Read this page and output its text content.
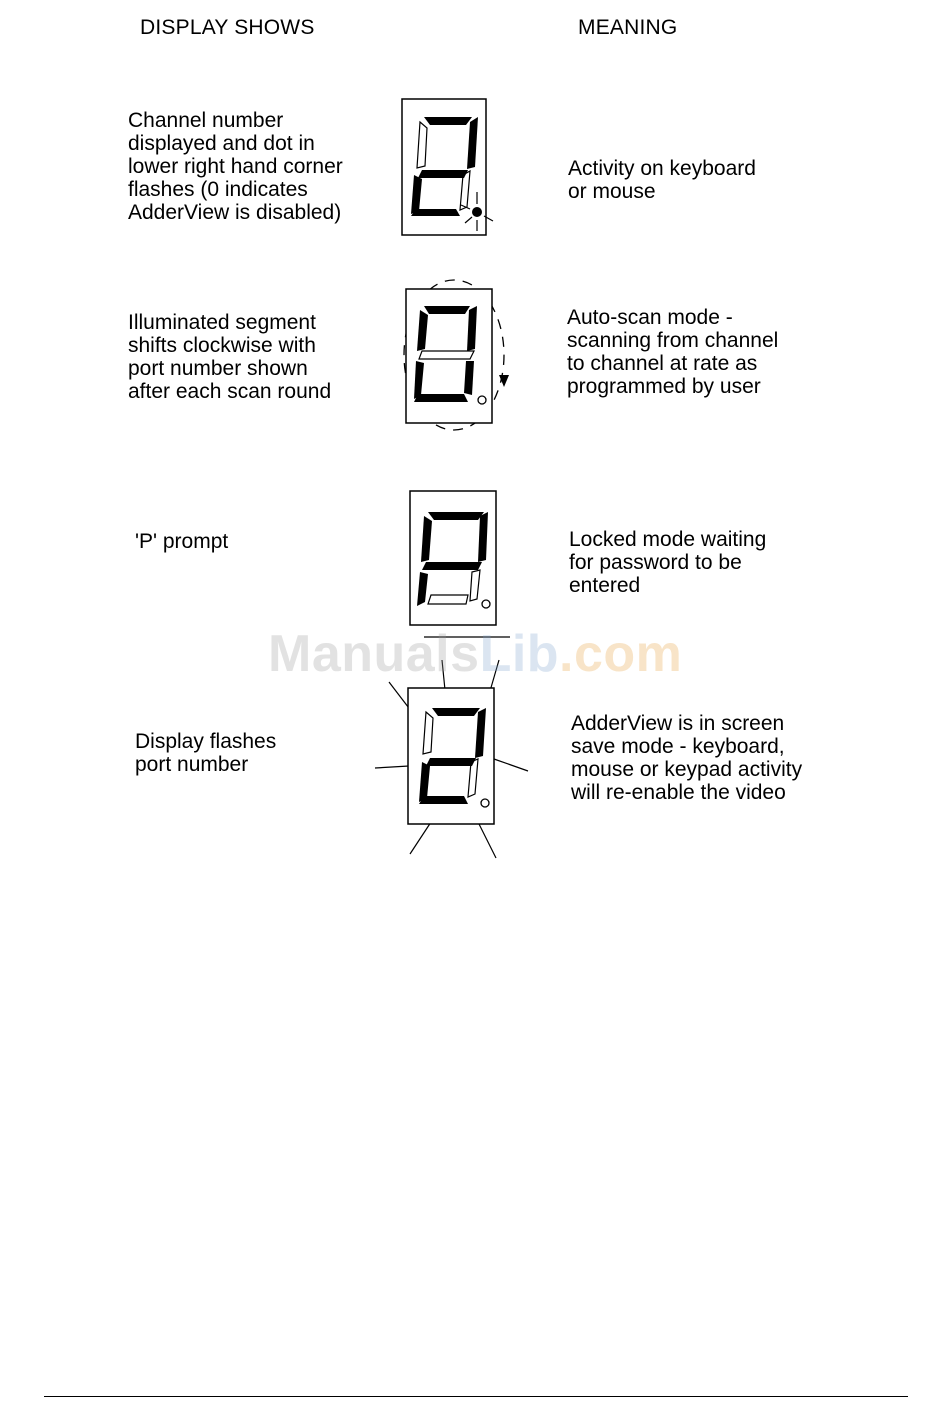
DISPLAY SHOWS	MEANING
Channel number
displayed and dot in
lower right hand corner
flashes (0 indicates
AdderView is disabled)
Activity on keyboard
or mouse
Illuminated segment
shifts clockwise with
port number shown
after each scan round
Auto-scan mode -
scanning from channel
to channel at rate as
programmed by user
'P' prompt	Locked mode waiting
for password to be
entered
Display flashes
port number
AdderView is in screen
save mode - keyboard,
mouse or keypad activity
will re-enable the video
ManualsLib.com
